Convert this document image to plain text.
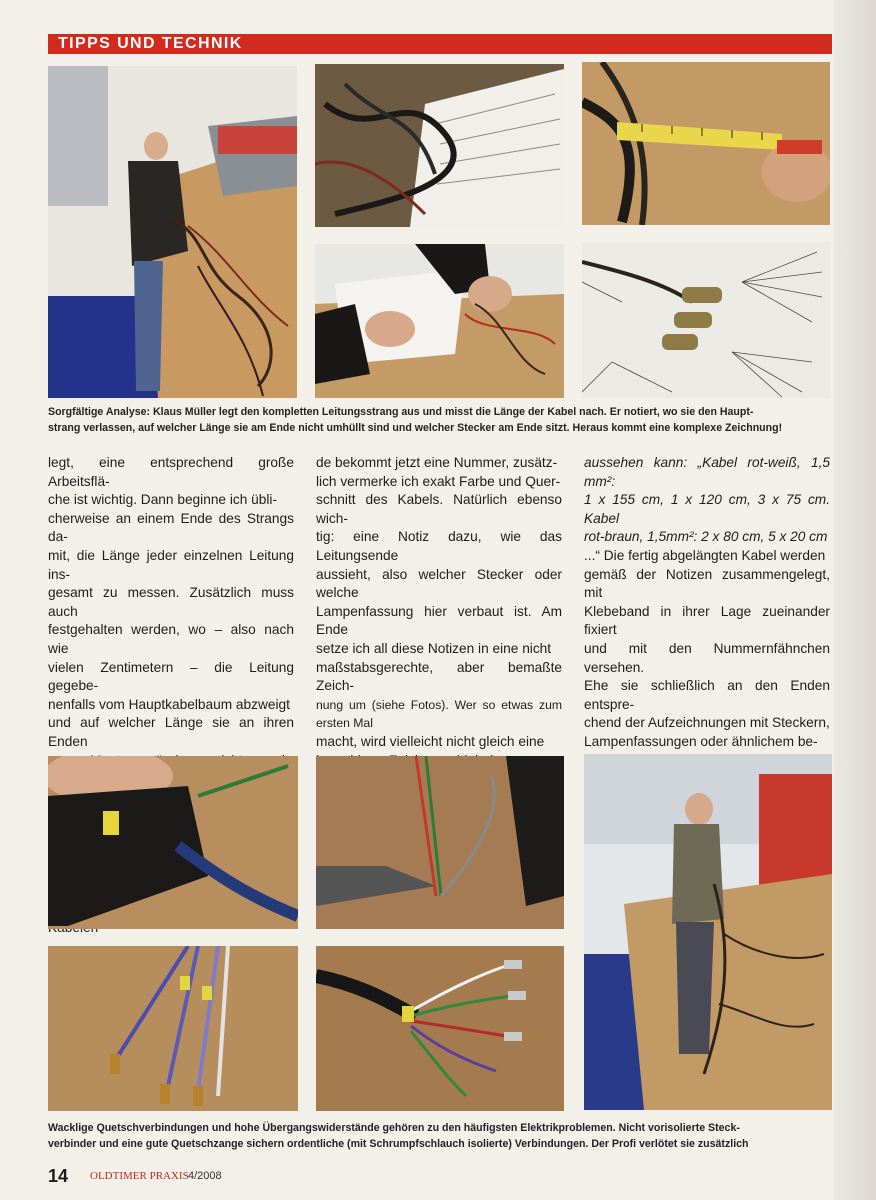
TIPPS UND TECHNIK
Sorgfältige Analyse: Klaus Müller legt den kompletten Leitungsstrang aus und misst die Länge der Kabel nach. Er notiert, wo sie den Haupt-
strang verlassen, auf welcher Länge sie am Ende nicht umhüllt sind und welcher Stecker am Ende sitzt. Heraus kommt eine komplexe Zeichnung!

legt, eine entsprechend große Arbeitsflä-

che ist wichtig. Dann beginne ich übli-

cherweise an einem Ende des Strangs da-

mit, die Länge jeder einzelnen Leitung ins-

gesamt zu messen. Zusätzlich muss auch

festgehalten werden, wo – also nach wie

vielen Zentimetern – die Leitung gegebe-

nenfalls vom Hauptkabelbaum abzweigt

und auf welcher Länge sie an ihren Enden

de bekommt jetzt eine Nummer, zusätz-

lich vermerke ich exakt Farbe und Quer-

schnitt des Kabels. Natürlich ebenso wich-

tig: eine Notiz dazu, wie das Leitungsende

aussieht, also welcher Stecker oder welche

Lampenfassung hier verbaut ist. Am Ende

setze ich all diese Notizen in eine nicht

maßstabsgerechte, aber bemaßte Zeich-

nung um (siehe Fotos). Wer so etwas zum ersten Mal

macht, wird vielleicht nicht gleich eine

aussehen kann: „Kabel rot-weiß, 1,5 mm²:

1 x 155 cm, 1 x 120 cm, 3 x 75 cm. Kabel

rot-braun, 1,5mm²: 2 x 80 cm, 5 x 20 cm

...“ Die fertig abgelängten Kabel werden

gemäß der Notizen zusammengelegt, mit

Klebeband in ihrer Lage zueinander fixiert

und mit den Nummernfähnchen versehen.

Ehe sie schließlich an den Enden entspre-

chend der Aufzeichnungen mit Steckern,

Lampenfassungen oder ähnlichem be-

Wacklige Quetschverbindungen und hohe Übergangswiderstände gehören zu den häufigsten Elektrikproblemen. Nicht vorisolierte Steck-
verbinder und eine gute Quetschzange sichern ordentliche (mit Schrumpfschlauch isolierte) Verbindungen. Der Profi verlötet sie zusätzlich
14 OLDTIMER PRAXIS 4/2008
